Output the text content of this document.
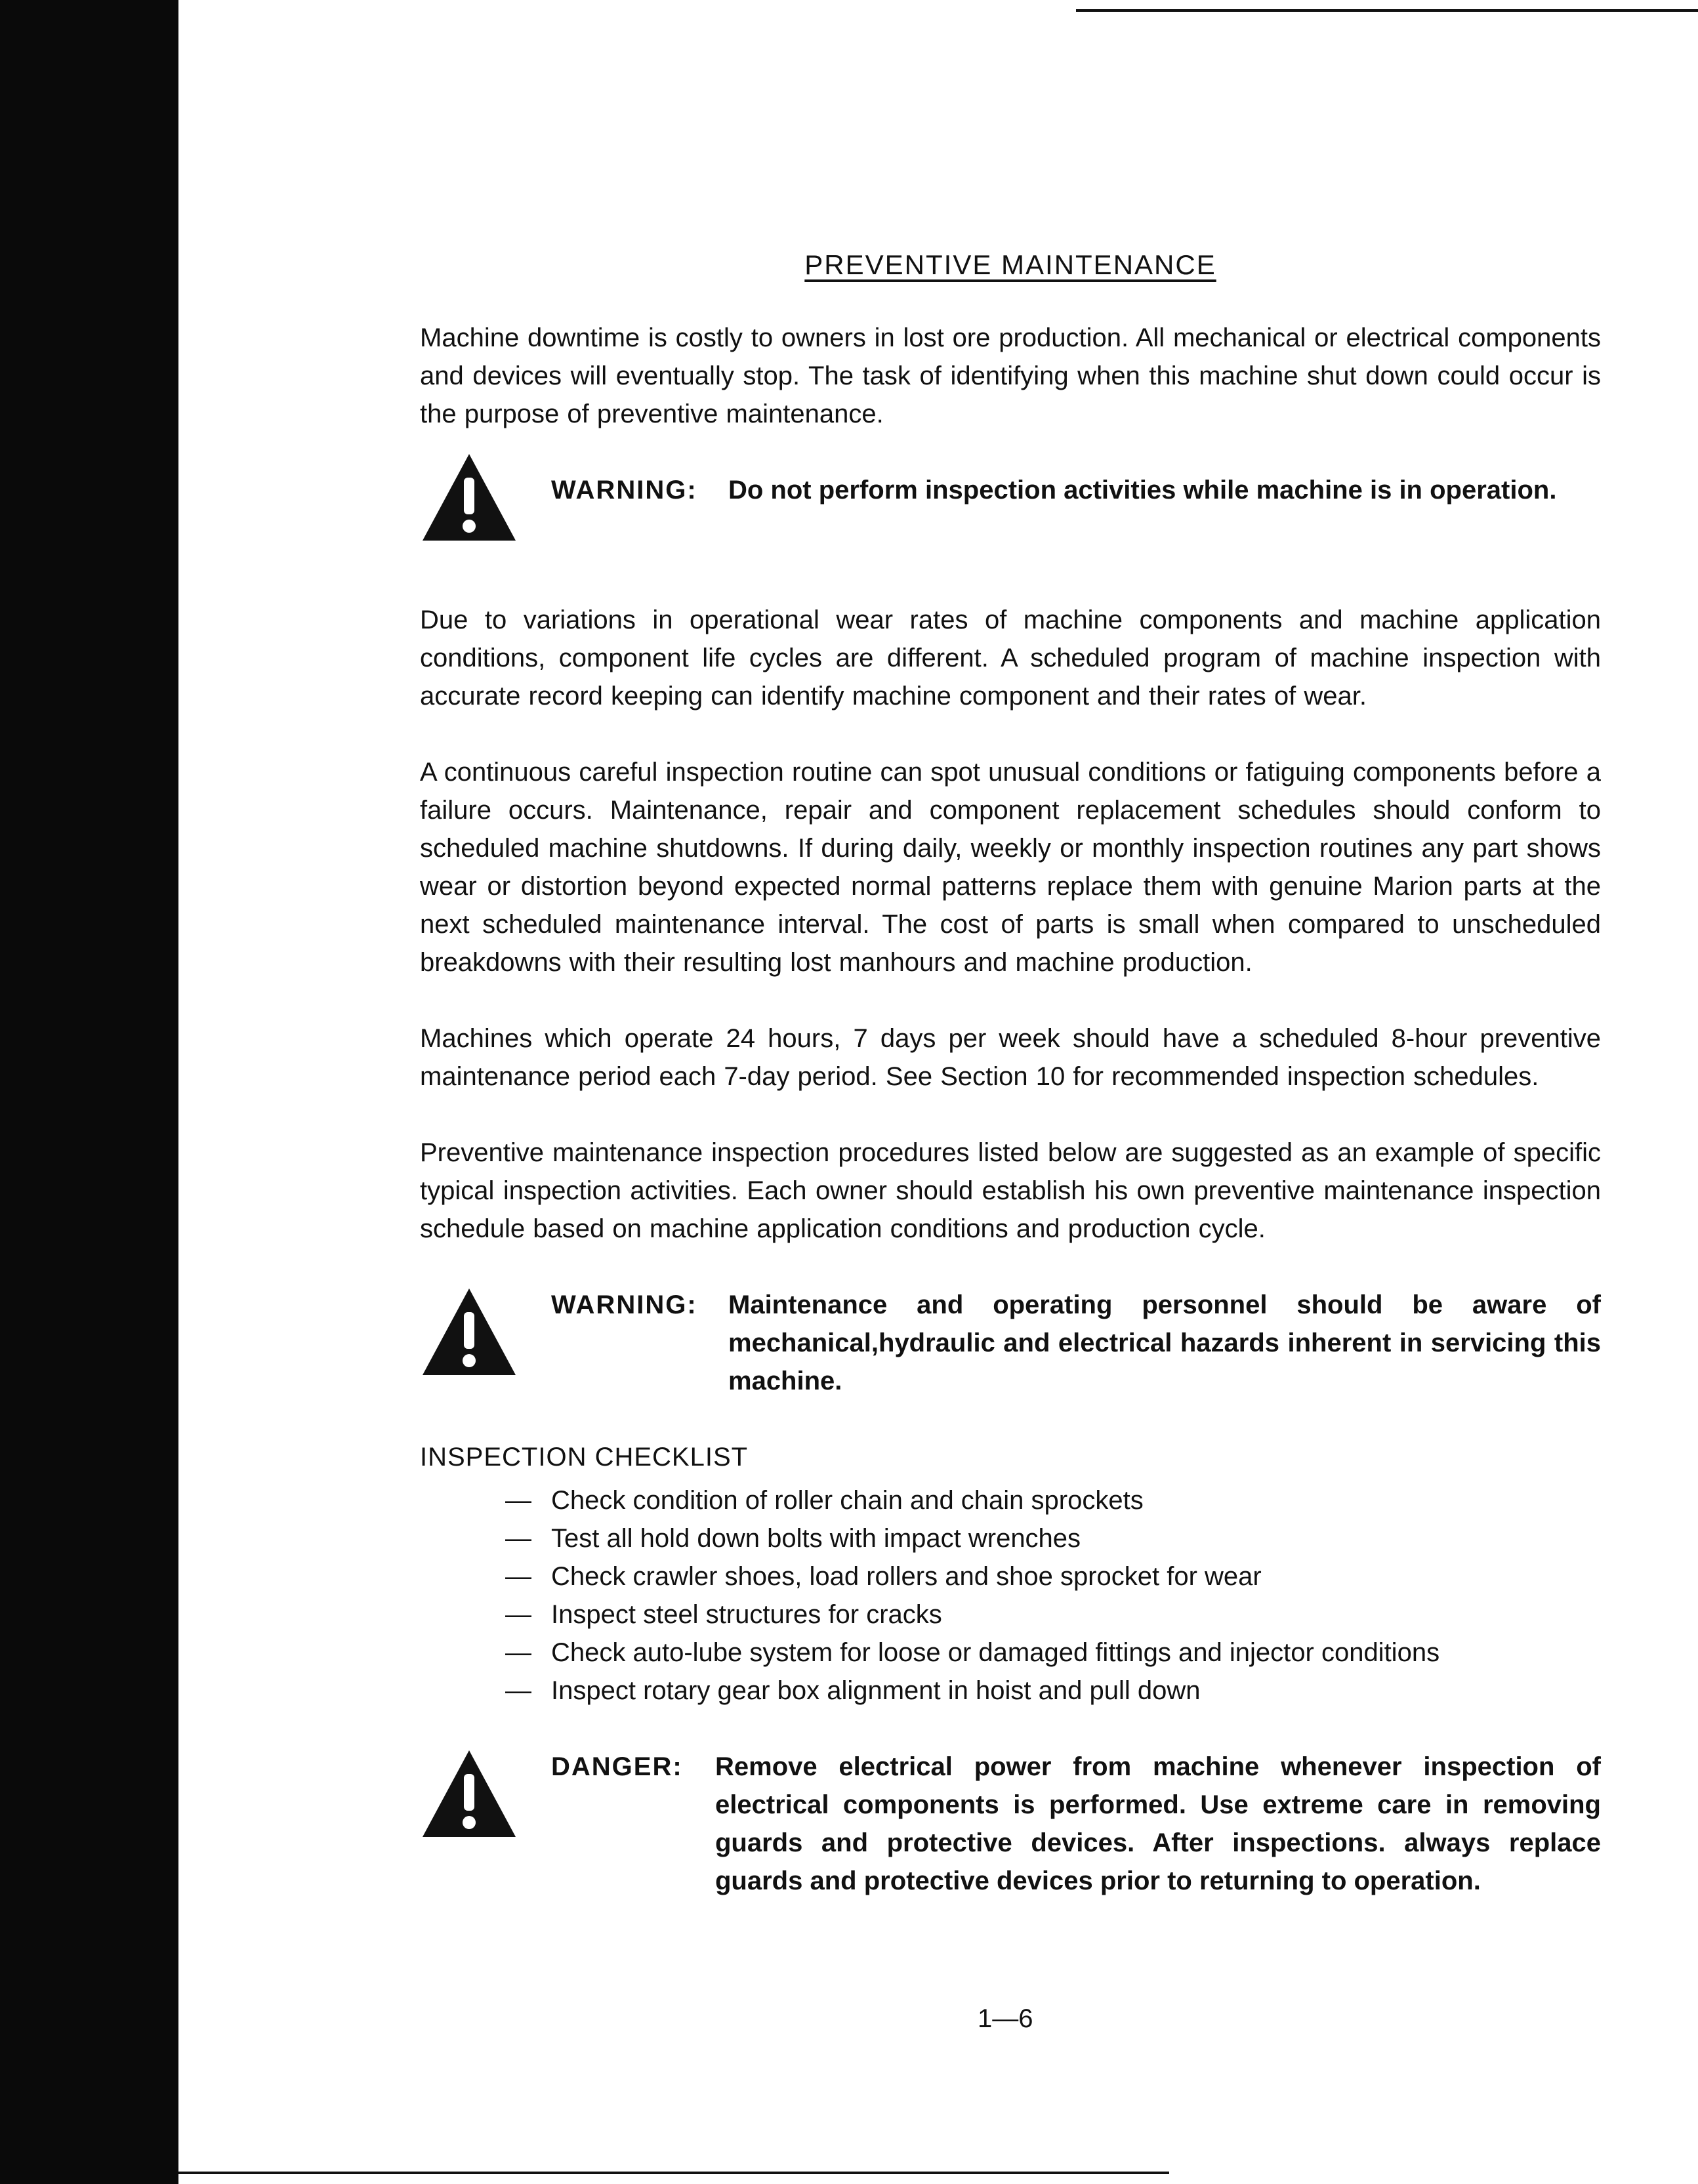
PREVENTIVE MAINTENANCE

Machine downtime is costly to owners in lost ore production. All mechanical or electrical components and devices will eventually stop. The task of identifying when this machine shut down could occur is the purpose of preventive maintenance.

WARNING: Do not perform inspection activities while machine is in operation.

Due to variations in operational wear rates of machine components and machine application conditions, component life cycles are different. A scheduled program of machine inspection with accurate record keeping can identify machine component and their rates of wear.

A continuous careful inspection routine can spot unusual conditions or fatiguing components before a failure occurs. Maintenance, repair and component replacement schedules should conform to scheduled machine shutdowns. If during daily, weekly or monthly inspection routines any part shows wear or distortion beyond expected normal patterns replace them with genuine Marion parts at the next scheduled maintenance interval. The cost of parts is small when compared to unscheduled breakdowns with their resulting lost manhours and machine production.

Machines which operate 24 hours, 7 days per week should have a scheduled 8-hour preventive maintenance period each 7-day period. See Section 10 for recommended inspection schedules.

Preventive maintenance inspection procedures listed below are suggested as an example of specific typical inspection activities. Each owner should establish his own preventive maintenance inspection schedule based on machine application conditions and production cycle.

WARNING: Maintenance and operating personnel should be aware of mechanical,hydraulic and electrical hazards inherent in servicing this machine.
INSPECTION CHECKLIST
— Check condition of roller chain and chain sprockets
— Test all hold down bolts with impact wrenches
— Check crawler shoes, load rollers and shoe sprocket for wear
— Inspect steel structures for cracks
— Check auto-lube system for loose or damaged fittings and injector conditions
— Inspect rotary gear box alignment in hoist and pull down
DANGER: Remove electrical power from machine whenever inspection of electrical components is performed. Use extreme care in removing guards and protective devices. After inspections. always replace guards and protective devices prior to returning to operation.
1—6
